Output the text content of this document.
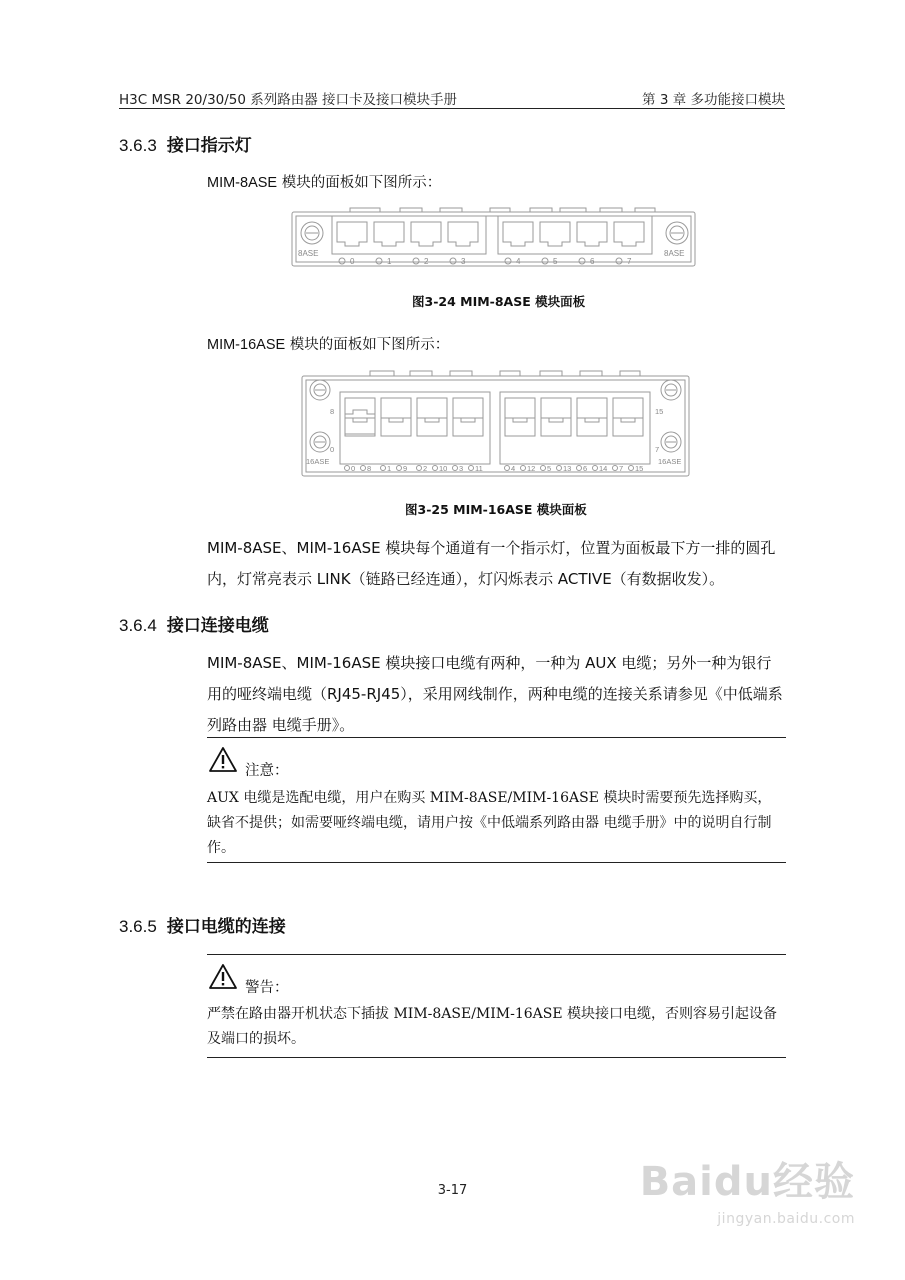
H3C MSR 20/30/50 系列路由器 接口卡及接口模块手册	第 3 章 多功能接口模块
3.6.3 接口指示灯
MIM-8ASE 模块的面板如下图所示：
8ASE	8ASE
0	1	2	3	4	5	6	7
图3-24 MIM-8ASE 模块面板
MIM-16ASE 模块的面板如下图所示：
8	15
0	7
16ASE	16ASE
0 8 1 9 2 10 3 11	4 12 5 13 6 14 7 15
图3-25 MIM-16ASE 模块面板
MIM-8ASE、MIM-16ASE 模块每个通道有一个指示灯，位置为面板最下方一排的圆孔内，灯常亮表示 LINK（链路已经连通），灯闪烁表示 ACTIVE（有数据收发）。
3.6.4 接口连接电缆
MIM-8ASE、MIM-16ASE 模块接口电缆有两种，一种为 AUX 电缆；另外一种为银行用的哑终端电缆（RJ45-RJ45），采用网线制作，两种电缆的连接关系请参见《中低端系列路由器 电缆手册》。
注意：
AUX 电缆是选配电缆，用户在购买 MIM-8ASE/MIM-16ASE 模块时需要预先选择购买，缺省不提供；如需要哑终端电缆，请用户按《中低端系列路由器 电缆手册》中的说明自行制作。
3.6.5 接口电缆的连接
警告：
严禁在路由器开机状态下插拔 MIM-8ASE/MIM-16ASE 模块接口电缆，否则容易引起设备及端口的损坏。
3-17	Baidu经验
jingyan.baidu.com
